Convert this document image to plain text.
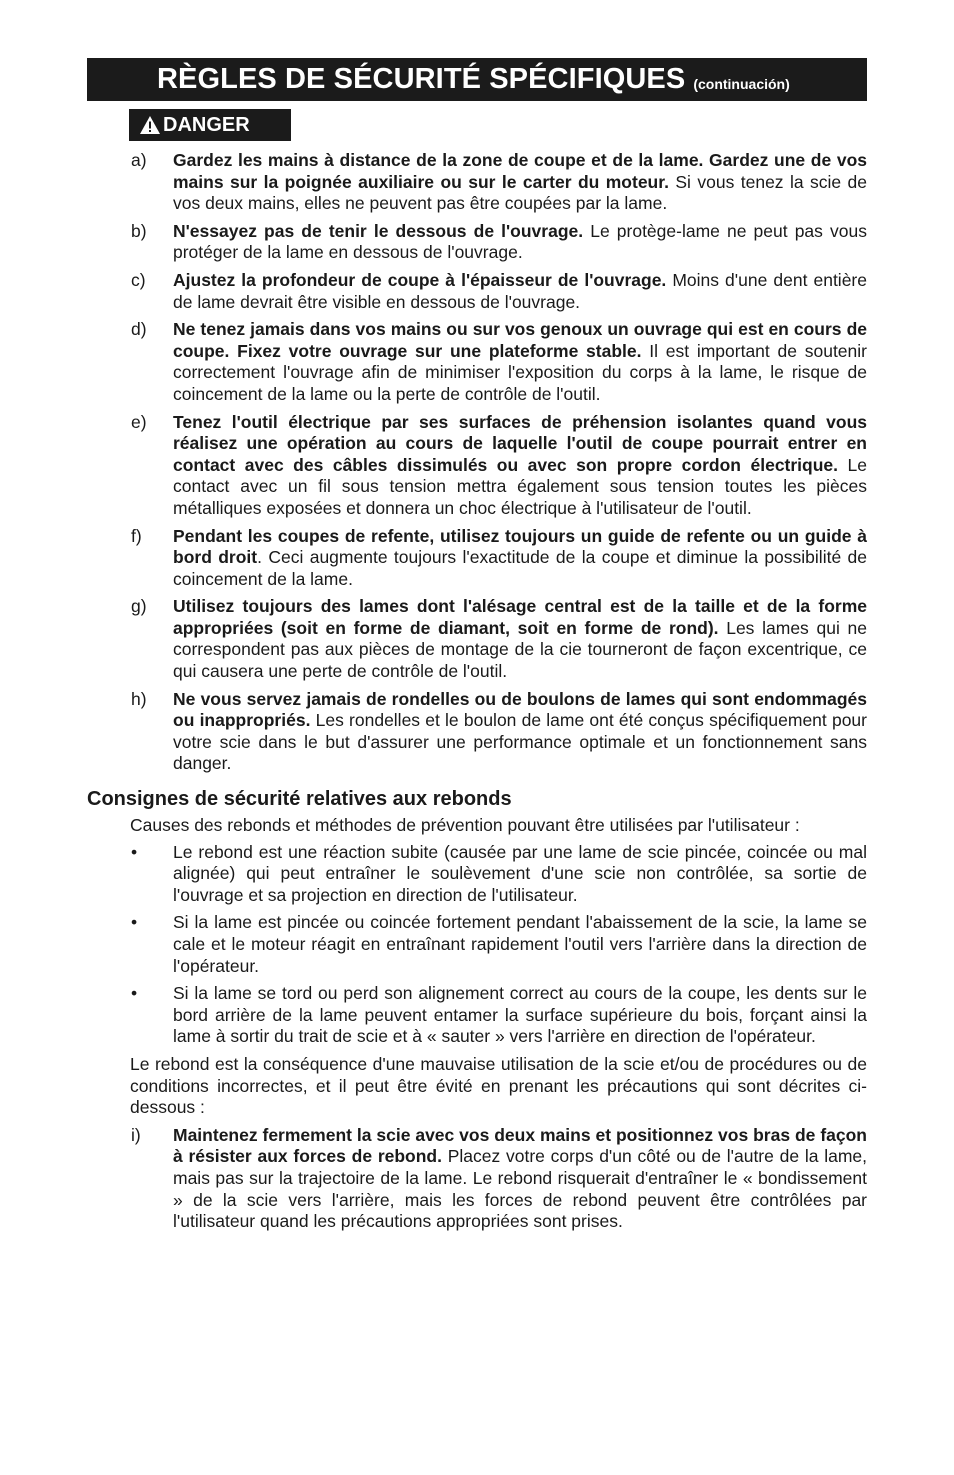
RÈGLES DE SÉCURITÉ SPÉCIFIQUES (continuación)
DANGER
a) Gardez les mains à distance de la zone de coupe et de la lame. Gardez une de vos mains sur la poignée auxiliaire ou sur le carter du moteur. Si vous tenez la scie de vos deux mains, elles ne peuvent pas être coupées par la lame.
b) N'essayez pas de tenir le dessous de l'ouvrage. Le protège-lame ne peut pas vous protéger de la lame en dessous de l'ouvrage.
c) Ajustez la profondeur de coupe à l'épaisseur de l'ouvrage. Moins d'une dent entière de lame devrait être visible en dessous de l'ouvrage.
d) Ne tenez jamais dans vos mains ou sur vos genoux un ouvrage qui est en cours de coupe. Fixez votre ouvrage sur une plateforme stable. Il est important de soutenir correctement l'ouvrage afin de minimiser l'exposition du corps à la lame, le risque de coincement de la lame ou la perte de contrôle de l'outil.
e) Tenez l'outil électrique par ses surfaces de préhension isolantes quand vous réalisez une opération au cours de laquelle l'outil de coupe pourrait entrer en contact avec des câbles dissimulés ou avec son propre cordon électrique. Le contact avec un fil sous tension mettra également sous tension toutes les pièces métalliques exposées et donnera un choc électrique à l'utilisateur de l'outil.
f) Pendant les coupes de refente, utilisez toujours un guide de refente ou un guide à bord droit. Ceci augmente toujours l'exactitude de la coupe et diminue la possibilité de coincement de la lame.
g) Utilisez toujours des lames dont l'alésage central est de la taille et de la forme appropriées (soit en forme de diamant, soit en forme de rond). Les lames qui ne correspondent pas aux pièces de montage de la cie tourneront de façon excentrique, ce qui causera une perte de contrôle de l'outil.
h) Ne vous servez jamais de rondelles ou de boulons de lames qui sont endommagés ou inappropriés. Les rondelles et le boulon de lame ont été conçus spécifiquement pour votre scie dans le but d'assurer une performance optimale et un fonctionnement sans danger.
Consignes de sécurité relatives aux rebonds
Causes des rebonds et méthodes de prévention pouvant être utilisées par l'utilisateur :
• Le rebond est une réaction subite (causée par une lame de scie pincée, coincée ou mal alignée) qui peut entraîner le soulèvement d'une scie non contrôlée, sa sortie de l'ouvrage et sa projection en direction de l'utilisateur.
• Si la lame est pincée ou coincée fortement pendant l'abaissement de la scie, la lame se cale et le moteur réagit en entraînant rapidement l'outil vers l'arrière dans la direction de l'opérateur.
• Si la lame se tord ou perd son alignement correct au cours de la coupe, les dents sur le bord arrière de la lame peuvent entamer la surface supérieure du bois, forçant ainsi la lame à sortir du trait de scie et à « sauter » vers l'arrière en direction de l'opérateur.
Le rebond est la conséquence d'une mauvaise utilisation de la scie et/ou de procédures ou de conditions incorrectes, et il peut être évité en prenant les précautions qui sont décrites ci-dessous :
i) Maintenez fermement la scie avec vos deux mains et positionnez vos bras de façon à résister aux forces de rebond. Placez votre corps d'un côté ou de l'autre de la lame, mais pas sur la trajectoire de la lame. Le rebond risquerait d'entraîner le « bondissement » de la scie vers l'arrière, mais les forces de rebond peuvent être contrôlées par l'utilisateur quand les précautions appropriées sont prises.
